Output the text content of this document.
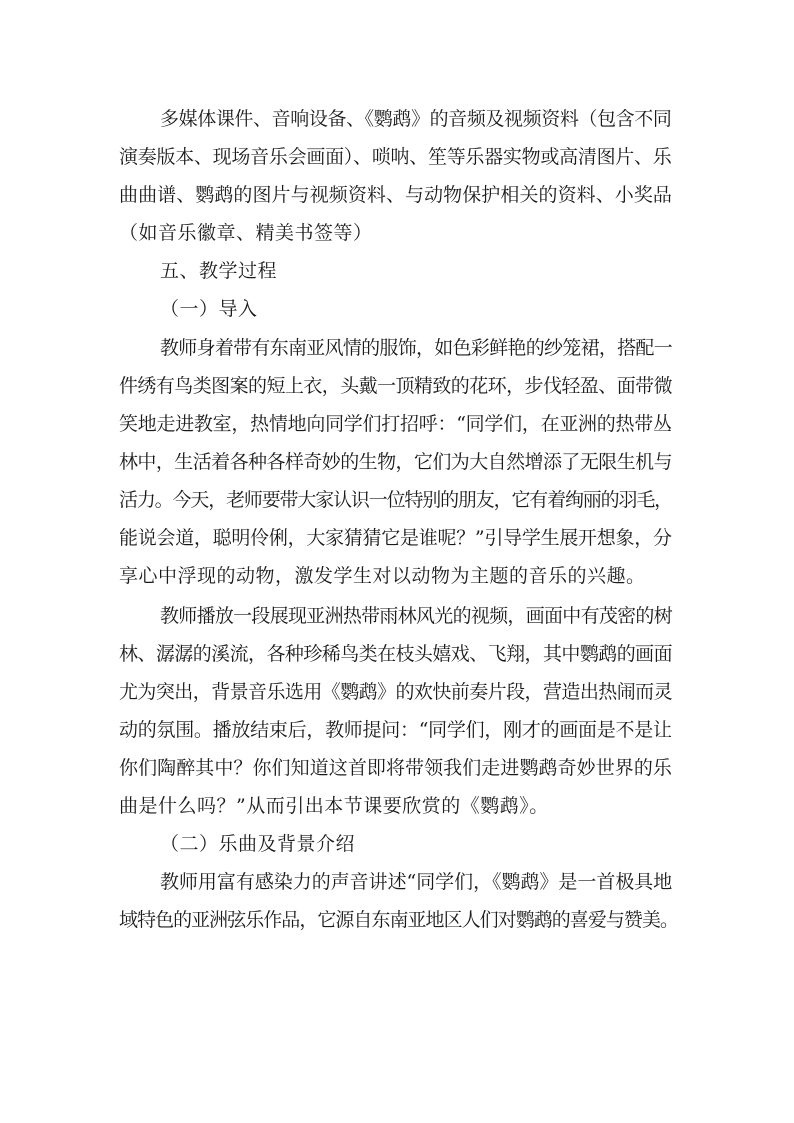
多媒体课件、音响设备、《鹦鹉》的音频及视频资料（包含不同

演奏版本、现场音乐会画面）、唢呐、笙等乐器实物或高清图片、乐

曲曲谱、鹦鹉的图片与视频资料、与动物保护相关的资料、小奖品

（如音乐徽章、精美书签等）

五、教学过程

（一）导入

教师身着带有东南亚风情的服饰，如色彩鲜艳的纱笼裙，搭配一

件绣有鸟类图案的短上衣，头戴一顶精致的花环，步伐轻盈、面带微

笑地走进教室，热情地向同学们打招呼：“同学们，在亚洲的热带丛

林中，生活着各种各样奇妙的生物，它们为大自然增添了无限生机与

活力。今天，老师要带大家认识一位特别的朋友，它有着绚丽的羽毛，

能说会道，聪明伶俐，大家猜猜它是谁呢？”引导学生展开想象，分

享心中浮现的动物，激发学生对以动物为主题的音乐的兴趣。

教师播放一段展现亚洲热带雨林风光的视频，画面中有茂密的树

林、潺潺的溪流，各种珍稀鸟类在枝头嬉戏、飞翔，其中鹦鹉的画面

尤为突出，背景音乐选用《鹦鹉》的欢快前奏片段，营造出热闹而灵

动的氛围。播放结束后，教师提问：“同学们，刚才的画面是不是让

你们陶醉其中？你们知道这首即将带领我们走进鹦鹉奇妙世界的乐

曲是什么吗？”从而引出本节课要欣赏的《鹦鹉》。

（二）乐曲及背景介绍

教师用富有感染力的声音讲述“同学们，《鹦鹉》是一首极具地

域特色的亚洲弦乐作品，它源自东南亚地区人们对鹦鹉的喜爱与赞美。
